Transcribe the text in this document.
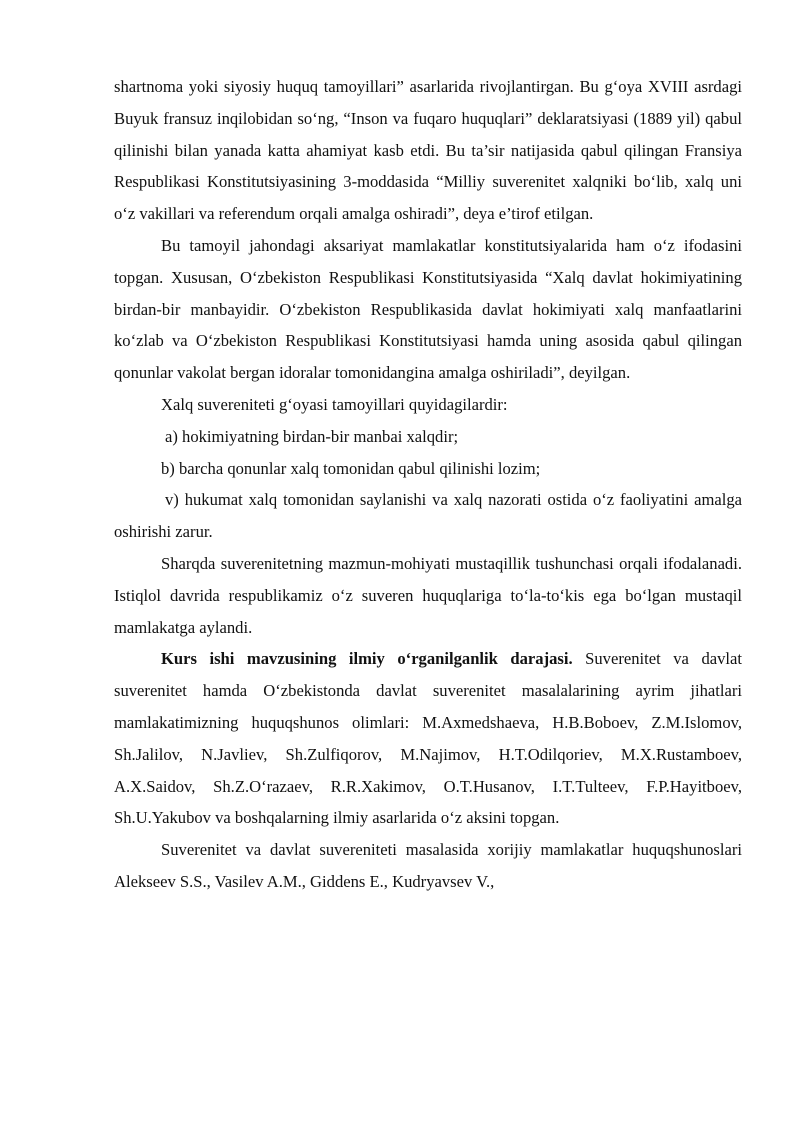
shartnoma yoki siyosiy huquq tamoyillari” asarlarida rivojlantirgan. Bu g‘oya XVIII asrdagi Buyuk fransuz inqilobidan so‘ng, “Inson va fuqaro huquqlari” deklaratsiyasi (1889 yil) qabul qilinishi bilan yanada katta ahamiyat kasb etdi. Bu ta’sir natijasida qabul qilingan Fransiya Respublikasi Konstitutsiyasining 3-moddasida “Milliy suverenitet xalqniki bo‘lib, xalq uni o‘z vakillari va referendum orqali amalga oshiradi”, deya e’tirof etilgan.

Bu tamoyil jahondagi aksariyat mamlakatlar konstitutsiyalarida ham o‘z ifodasini topgan. Xususan, O‘zbekiston Respublikasi Konstitutsiyasida “Xalq davlat hokimiyatining birdan-bir manbayidir. O‘zbekiston Respublikasida davlat hokimiyati xalq manfaatlarini ko‘zlab va O‘zbekiston Respublikasi Konstitutsiyasi hamda uning asosida qabul qilingan qonunlar vakolat bergan idoralar tomonidangina amalga oshiriladi”, deyilgan.

Xalq suvereniteti g‘oyasi tamoyillari quyidagilardir:

a) hokimiyatning birdan-bir manbai xalqdir;

b) barcha qonunlar xalq tomonidan qabul qilinishi lozim;

v) hukumat xalq tomonidan saylanishi va xalq nazorati ostida o‘z faoliyatini amalga oshirishi zarur.

Sharqda suverenitetning mazmun-mohiyati mustaqillik tushunchasi orqali ifodalanadi. Istiqlol davrida respublikamiz o‘z suveren huquqlariga to‘la-to‘kis ega bo‘lgan mustaqil mamlakatga aylandi.

Kurs ishi mavzusining ilmiy o‘rganilganlik darajasi. Suverenitet va davlat suverenitet hamda O‘zbekistonda davlat suverenitet masalalarining ayrim jihatlari mamlakatimizning huquqshunos olimlari: M.Axmedshaeva, H.B.Boboev, Z.M.Islomov, Sh.Jalilov, N.Javliev, Sh.Zulfiqorov, M.Najimov, H.T.Odilqoriev, M.X.Rustamboev, A.X.Saidov, Sh.Z.O‘razaev, R.R.Xakimov, O.T.Husanov, I.T.Tulteev, F.P.Hayitboev, Sh.U.Yakubov va boshqalarning ilmiy asarlarida o‘z aksini topgan.

Suverenitet va davlat suvereniteti masalasida xorijiy mamlakatlar huquqshunoslari Alekseev S.S., Vasilev A.M., Giddens E., Kudryavsev V.,
